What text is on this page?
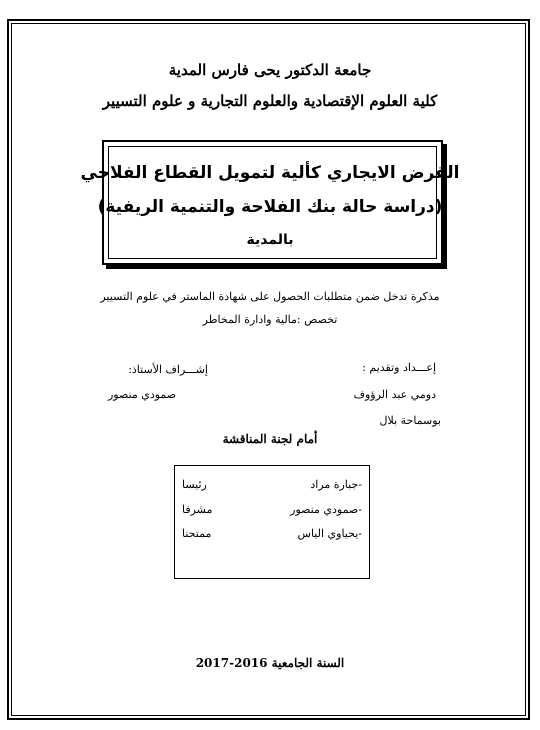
جامعة الدكتور يحى فارس المدية
كلية العلوم الإقتصادية والعلوم التجارية و علوم التسيير
القرض الايجاري كألية لتمويل القطاع الفلاحي
(دراسة حالة بنك الفلاحة والتنمية الريفية)
بالمدية
مذكرة تدخل ضمن متطلبات الحصول على شهادة الماستر في علوم التسيير
تخصص :مالية وادارة المخاطر
إعـــداد وتقديم :
دومي عبد الرؤوف
بوسماحة بلال
إشـــراف الأستاذ:
صمودي منصور
أمام لجنة المناقشة
-جبارة مراد
رئيسا
-صمودي منصور
مشرفا
-يحياوي الياس
ممتحنا
السنة الجامعية 2016-2017
